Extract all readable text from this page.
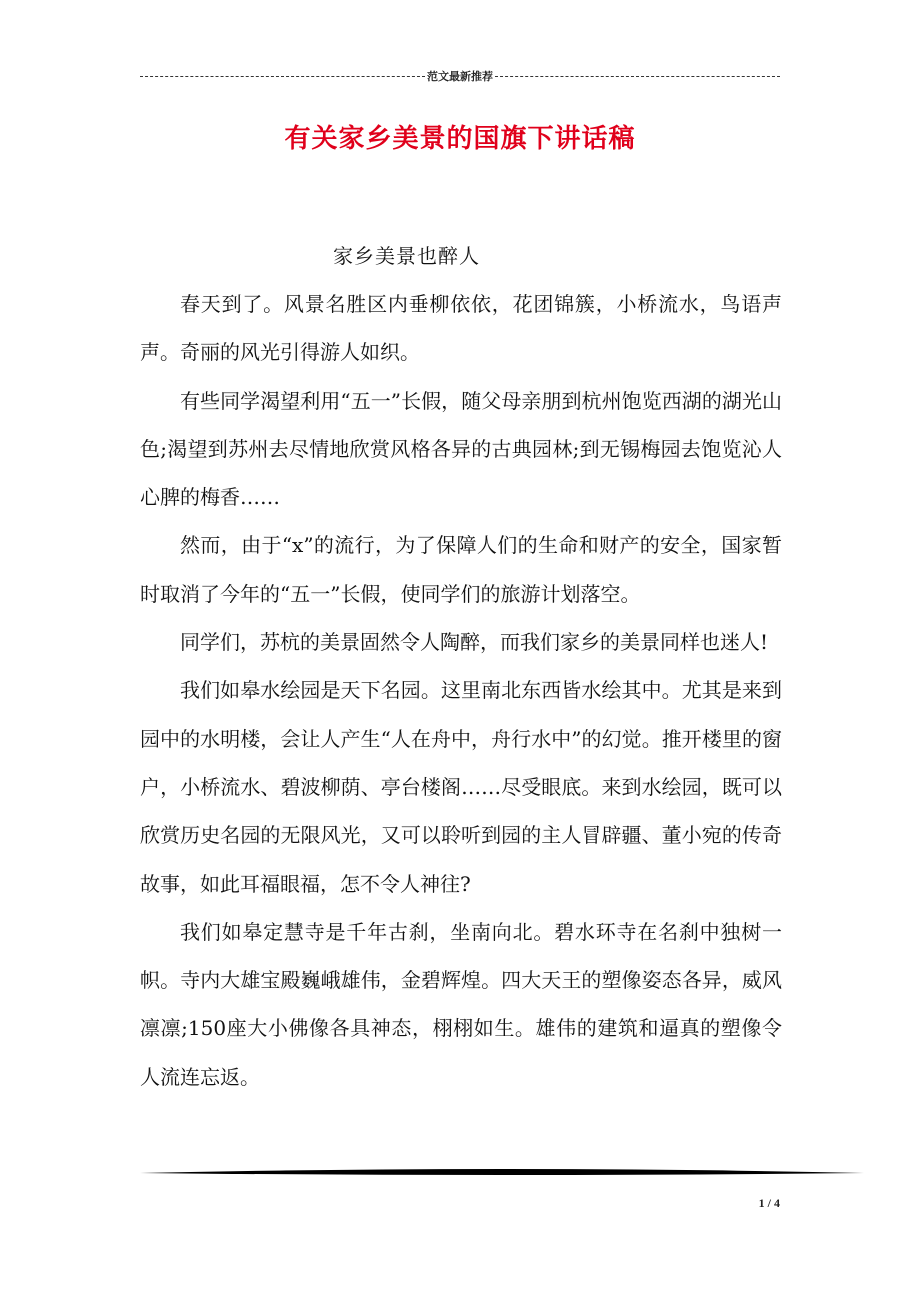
范文最新推荐
有关家乡美景的国旗下讲话稿
家乡美景也醉人

春天到了。风景名胜区内垂柳依依，花团锦簇，小桥流水，鸟语声声。奇丽的风光引得游人如织。

有些同学渴望利用“五一”长假，随父母亲朋到杭州饱览西湖的湖光山色;渴望到苏州去尽情地欣赏风格各异的古典园林;到无锡梅园去饱览沁人心脾的梅香……

然而，由于“x”的流行，为了保障人们的生命和财产的安全，国家暂时取消了今年的“五一”长假，使同学们的旅游计划落空。

同学们，苏杭的美景固然令人陶醉，而我们家乡的美景同样也迷人!

我们如皋水绘园是天下名园。这里南北东西皆水绘其中。尤其是来到园中的水明楼，会让人产生“人在舟中，舟行水中”的幻觉。推开楼里的窗户，小桥流水、碧波柳荫、亭台楼阁……尽受眼底。来到水绘园，既可以欣赏历史名园的无限风光，又可以聆听到园的主人冒辟疆、董小宛的传奇故事，如此耳福眼福，怎不令人神往?

我们如皋定慧寺是千年古刹，坐南向北。碧水环寺在名刹中独树一帜。寺内大雄宝殿巍峨雄伟，金碧辉煌。四大天王的塑像姿态各异，威风凛凛;150座大小佛像各具神态，栩栩如生。雄伟的建筑和逼真的塑像令人流连忘返。

1 / 4
